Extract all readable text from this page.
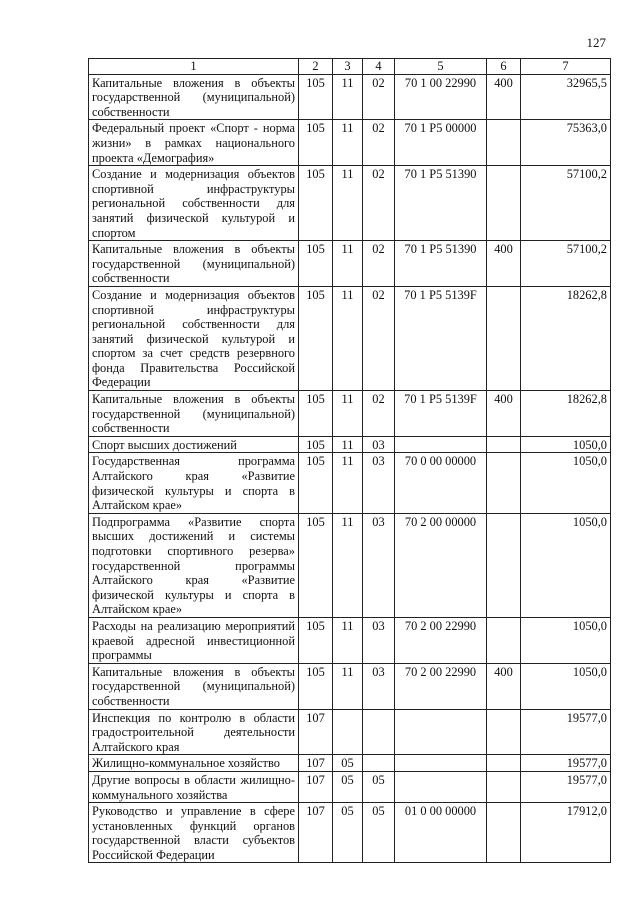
127
1	2	3	4	5	6	7
Капитальные вложения в объекты государственной (муниципальной) собственности	105	11	02	70 1 00 22990	400	32965,5
Федеральный проект «Спорт - норма жизни» в рамках национального проекта «Демография»	105	11	02	70 1 Р5 00000		75363,0
Создание и модернизация объектов спортивной инфраструктуры региональной собственности для занятий физической культурой и спортом	105	11	02	70 1 Р5 51390		57100,2
Капитальные вложения в объекты государственной (муниципальной) собственности	105	11	02	70 1 Р5 51390	400	57100,2
Создание и модернизация объектов спортивной инфраструктуры региональной собственности для занятий физической культурой и спортом за счет средств резервного фонда Правительства Российской Федерации	105	11	02	70 1 Р5 5139F		18262,8
Капитальные вложения в объекты государственной (муниципальной) собственности	105	11	02	70 1 Р5 5139F	400	18262,8
Спорт высших достижений	105	11	03			1050,0
Государственная программа Алтайского края «Развитие физической культуры и спорта в Алтайском крае»	105	11	03	70 0 00 00000		1050,0
Подпрограмма «Развитие спорта высших достижений и системы подготовки спортивного резерва» государственной программы Алтайского края «Развитие физической культуры и спорта в Алтайском крае»	105	11	03	70 2 00 00000		1050,0
Расходы на реализацию мероприятий краевой адресной инвестиционной программы	105	11	03	70 2 00 22990		1050,0
Капитальные вложения в объекты государственной (муниципальной) собственности	105	11	03	70 2 00 22990	400	1050,0
Инспекция по контролю в области градостроительной деятельности Алтайского края	107					19577,0
Жилищно-коммунальное хозяйство	107	05				19577,0
Другие вопросы в области жилищно-коммунального хозяйства	107	05	05			19577,0
Руководство и управление в сфере установленных функций органов государственной власти субъектов Российской Федерации	107	05	05	01 0 00 00000		17912,0
